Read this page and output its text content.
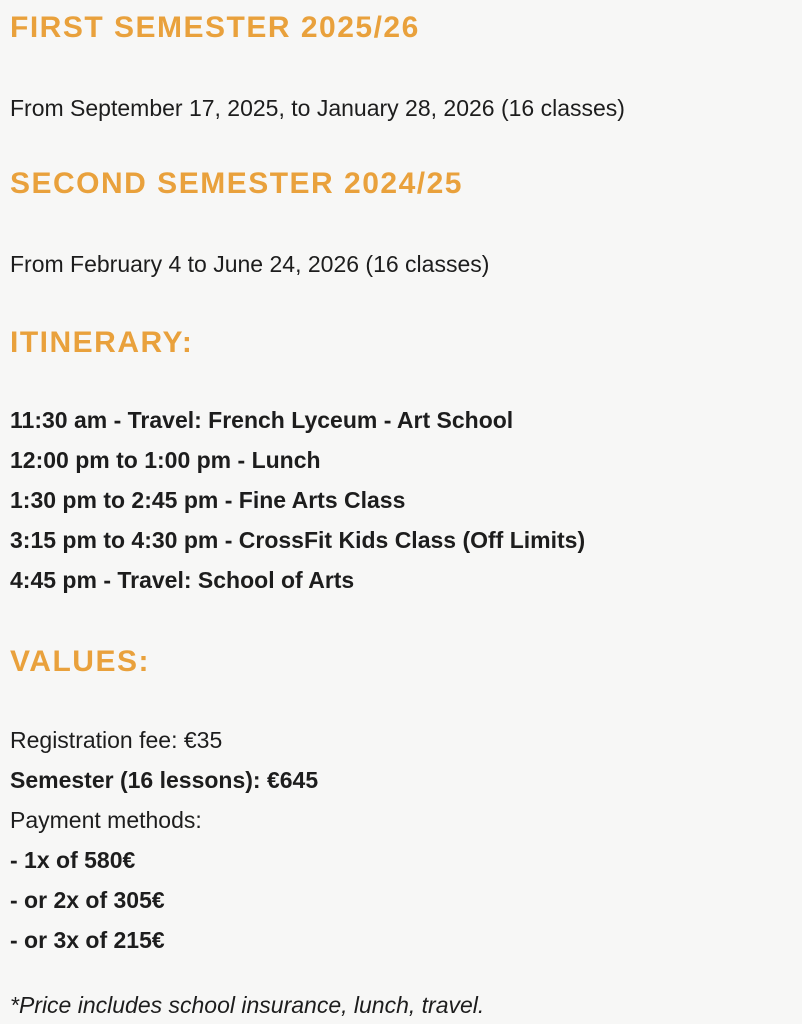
FIRST SEMESTER 2025/26

From September 17, 2025, to January 28, 2026 (16 classes)

SECOND SEMESTER 2024/25

From February 4 to June 24, 2026 (16 classes)

ITINERARY:
11:30 am - Travel: French Lyceum - Art School
12:00 pm to 1:00 pm - Lunch
1:30 pm to 2:45 pm - Fine Arts Class
3:15 pm to 4:30 pm - CrossFit Kids Class (Off Limits)
4:45 pm - Travel: School of Arts
VALUES:
Registration fee: €35
Semester (16 lessons): €645
Payment methods:
- 1x of 580€
- or 2x of 305€
- or 3x of 215€

*Price includes school insurance, lunch, travel.
